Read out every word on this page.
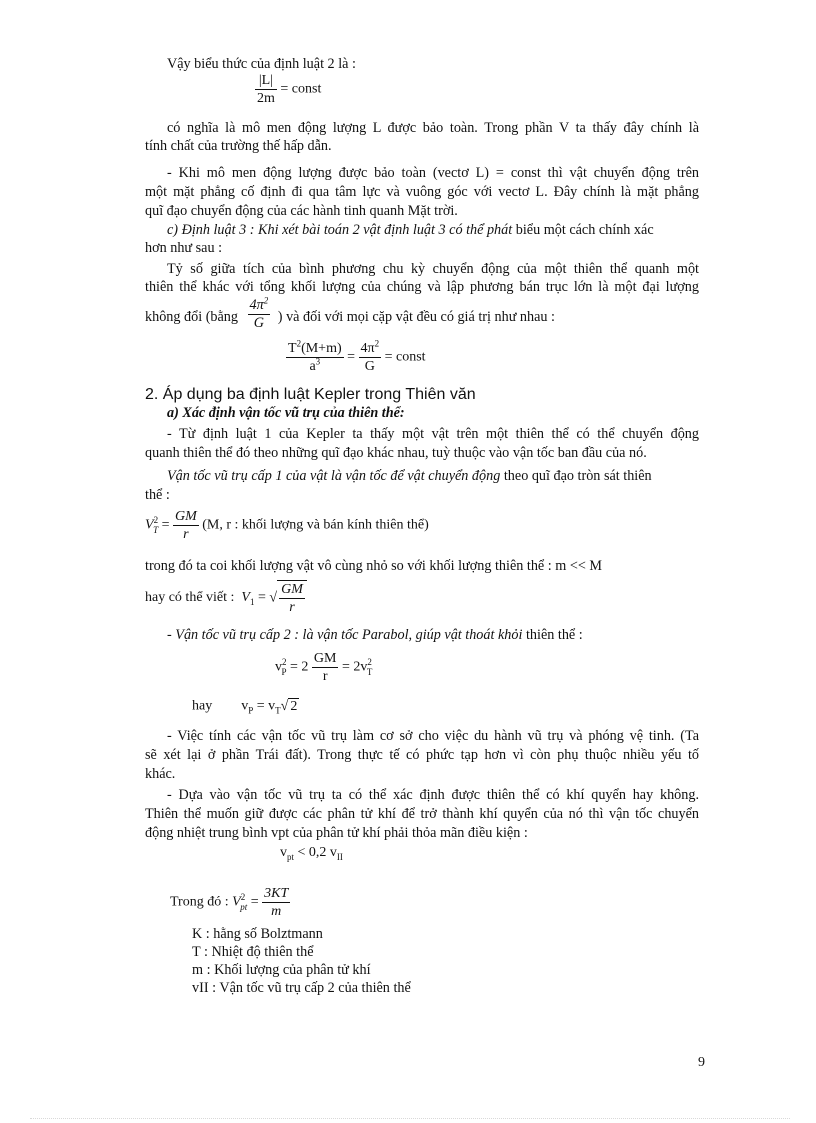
Vậy biểu thức của định luật 2 là :
$\frac{|L|}{2m}$ = const
có nghĩa là mô men động lượng L được bảo toàn. Trong phần V ta thấy đây chính là
tính chất của trường thế hấp dẫn.
- Khi mô men động lượng được bảo toàn (vectơ L) = const thì vật chuyển động trên
một mặt phẳng cố định đi qua tâm lực và vuông góc với vectơ L. Đây chính là mặt phẳng
quĩ đạo chuyển động của các hành tinh quanh Mặt trời.
c) Định luật 3 : Khi xét bài toán 2 vật định luật 3 có thể phát biểu một cách chính xác
hơn như sau :
Tỷ số giữa tích của bình phương chu kỳ chuyển động của một thiên thể quanh một
thiên thể khác với tổng khối lượng của chúng và lập phương bán trục lớn là một đại lượng
không đổi (bằng $\frac{4\pi^2}{G}$ ) và đối với mọi cặp vật đều có giá trị như nhau :
$\frac{T^2(M+m)}{a^3} = \frac{4\pi^2}{G}$ = const
2. Áp dụng ba định luật Kepler trong Thiên văn
a) Xác định vận tốc vũ trụ của thiên thể:
- Từ định luật 1 của Kepler ta thấy một vật trên một thiên thể có thể chuyển động
quanh thiên thể đó theo những quĩ đạo khác nhau, tuỳ thuộc vào vận tốc ban đầu của nó.
Vận tốc vũ trụ cấp 1 của vật là vận tốc để vật chuyển động theo quĩ đạo tròn sát thiên
thể :
$V^2_T = \frac{GM}{r} (M$, r : khối lượng và bán kính thiên thể)
trong đó ta coi khối lượng vật vô cùng nhỏ so với khối lượng thiên thể : m << M
hay có thể viết : $V_1$ = √ $\frac{GM}{r}$
- Vận tốc vũ trụ cấp 2 : là vận tốc Parabol, giúp vật thoát khỏi thiên thể :
$v^2_P = 2 \frac{GM}{r} = 2v^2_T$
hay $v_P = v_T√$ 2
- Việc tính các vận tốc vũ trụ làm cơ sở cho việc du hành vũ trụ và phóng vệ tinh. (Ta
sẽ xét lại ở phần Trái đất). Trong thực tế có phức tạp hơn vì còn phụ thuộc nhiều yếu tố
khác.
- Dựa vào vận tốc vũ trụ ta có thể xác định được thiên thể có khí quyển hay không.
Thiên thể muốn giữ được các phân tử khí để trở thành khí quyển của nó thì vận tốc chuyển
động nhiệt trung bình vpt của phân tử khí phải thỏa mãn điều kiện :
$v_{pt} < 0,2$ $v_{II}$
Trong đó : $V^2_{pt} = \frac{3KT}{m}$
K : hằng số Bolztmann
T : Nhiệt độ thiên thể
m : Khối lượng của phân tử khí
vII : Vận tốc vũ trụ cấp 2 của thiên thể
9
